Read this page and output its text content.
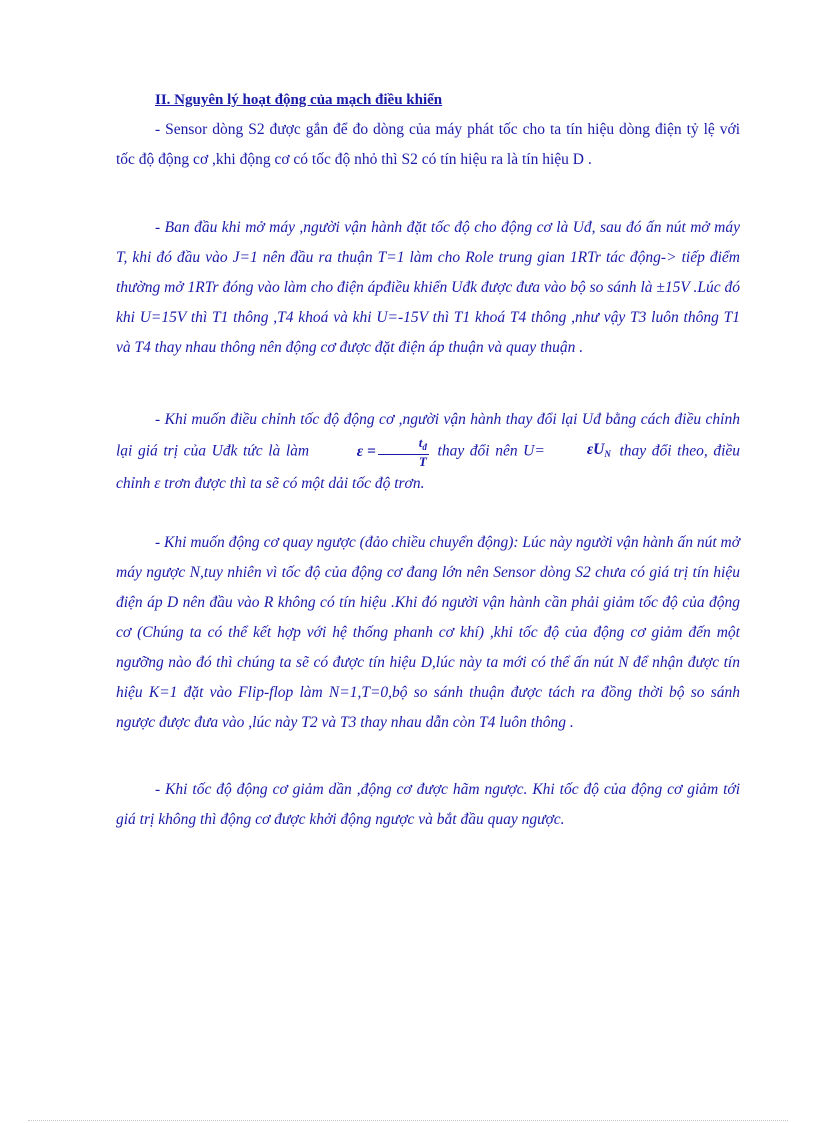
II. Nguyên lý hoạt động của mạch điều khiển

- Sensor dòng S2 được gắn để đo dòng của máy phát tốc cho ta tín hiệu dòng điện tỷ lệ với tốc độ động cơ ,khi động cơ có tốc độ nhỏ thì S2 có tín hiệu ra là tín hiệu D .

- Ban đầu khi mở máy ,người vận hành đặt tốc độ cho động cơ là Uđ, sau đó ấn nút mở máy T, khi đó đầu vào J=1 nên đầu ra thuận T=1 làm cho Role trung gian 1RTr tác động-> tiếp điểm thường mở 1RTr đóng vào làm cho điện ápđiều khiển Uđk được đưa vào bộ so sánh là ±15V .Lúc đó khi U=15V thì T1 thông ,T4 khoá và khi U=-15V thì T1 khoá T4 thông ,như vậy T3 luôn thông T1 và T4 thay nhau thông nên động cơ được đặt điện áp thuận và quay thuận .

- Khi muốn điều chỉnh tốc độ động cơ ,người vận hành thay đổi lại Uđ bằng cách điều chỉnh lại giá trị của Uđk tức là làm	$\varepsilon = \frac{t_đ}{T}$ thay đổi nên U=	$\varepsilon U_N$ thay đổi theo, điều chỉnh ε trơn được thì ta sẽ có một dải tốc độ trơn.

- Khi muốn động cơ quay ngược (đảo chiều chuyển động): Lúc này người vận hành ấn nút mở máy ngược N,tuy nhiên vì tốc độ của động cơ đang lớn nên Sensor dòng S2 chưa có giá trị tín hiệu điện áp D nên đầu vào R không có tín hiệu .Khi đó người vận hành cần phải giảm tốc độ của động cơ (Chúng ta có thể kết hợp với hệ thống phanh cơ khí) ,khi tốc độ của động cơ giảm đến một ngưỡng nào đó thì chúng ta sẽ có được tín hiệu D,lúc này ta mới có thể ấn nút N để nhận được tín hiệu K=1 đặt vào Flip-flop làm N=1,T=0,bộ so sánh thuận được tách ra đồng thời bộ so sánh ngược được đưa vào ,lúc này T2 và T3 thay nhau dẫn còn T4 luôn thông .

- Khi tốc độ động cơ giảm dần ,động cơ được hãm ngược. Khi tốc độ của động cơ giảm tới giá trị không thì động cơ được khởi động ngược và bắt đầu quay ngược.
